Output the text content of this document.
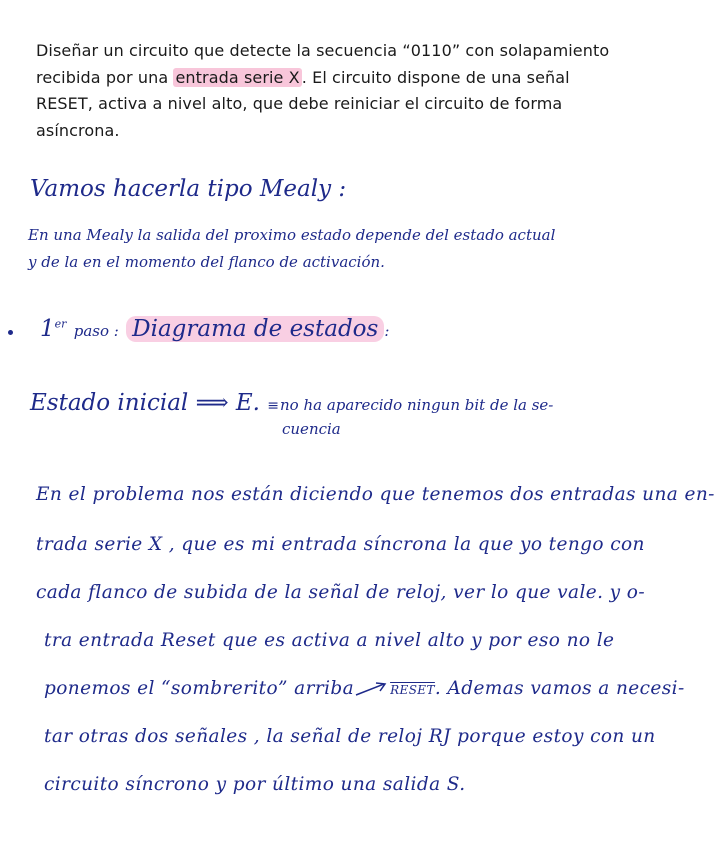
Diseñar un circuito que detecte la secuencia “0110” con solapamiento
recibida por una entrada serie X . El circuito dispone de una señal
RESET, activa a nivel alto, que debe reiniciar el circuito de forma
asíncrona.
Vamos hacerla tipo Mealy :
En una Mealy la salida del proximo estado depende del estado actual
y de la en el momento del flanco de activación.
1er paso : Diagrama de estados :
Estado inicial ⟹ E. ≡ no ha aparecido ningun bit de la se-
cuencia
En el problema nos están diciendo que tenemos dos entradas una en-
trada serie X , que es mi entrada síncrona la que yo tengo con
cada flanco de subida de la señal de reloj, ver lo que vale. y o-
tra entrada Reset que es activa a nivel alto y por eso no le
ponemos el “sombrerito” arriba	RESET. Ademas vamos a necesi-
tar otras dos señales , la señal de reloj RJ porque estoy con un
circuito síncrono y por último una salida S.
